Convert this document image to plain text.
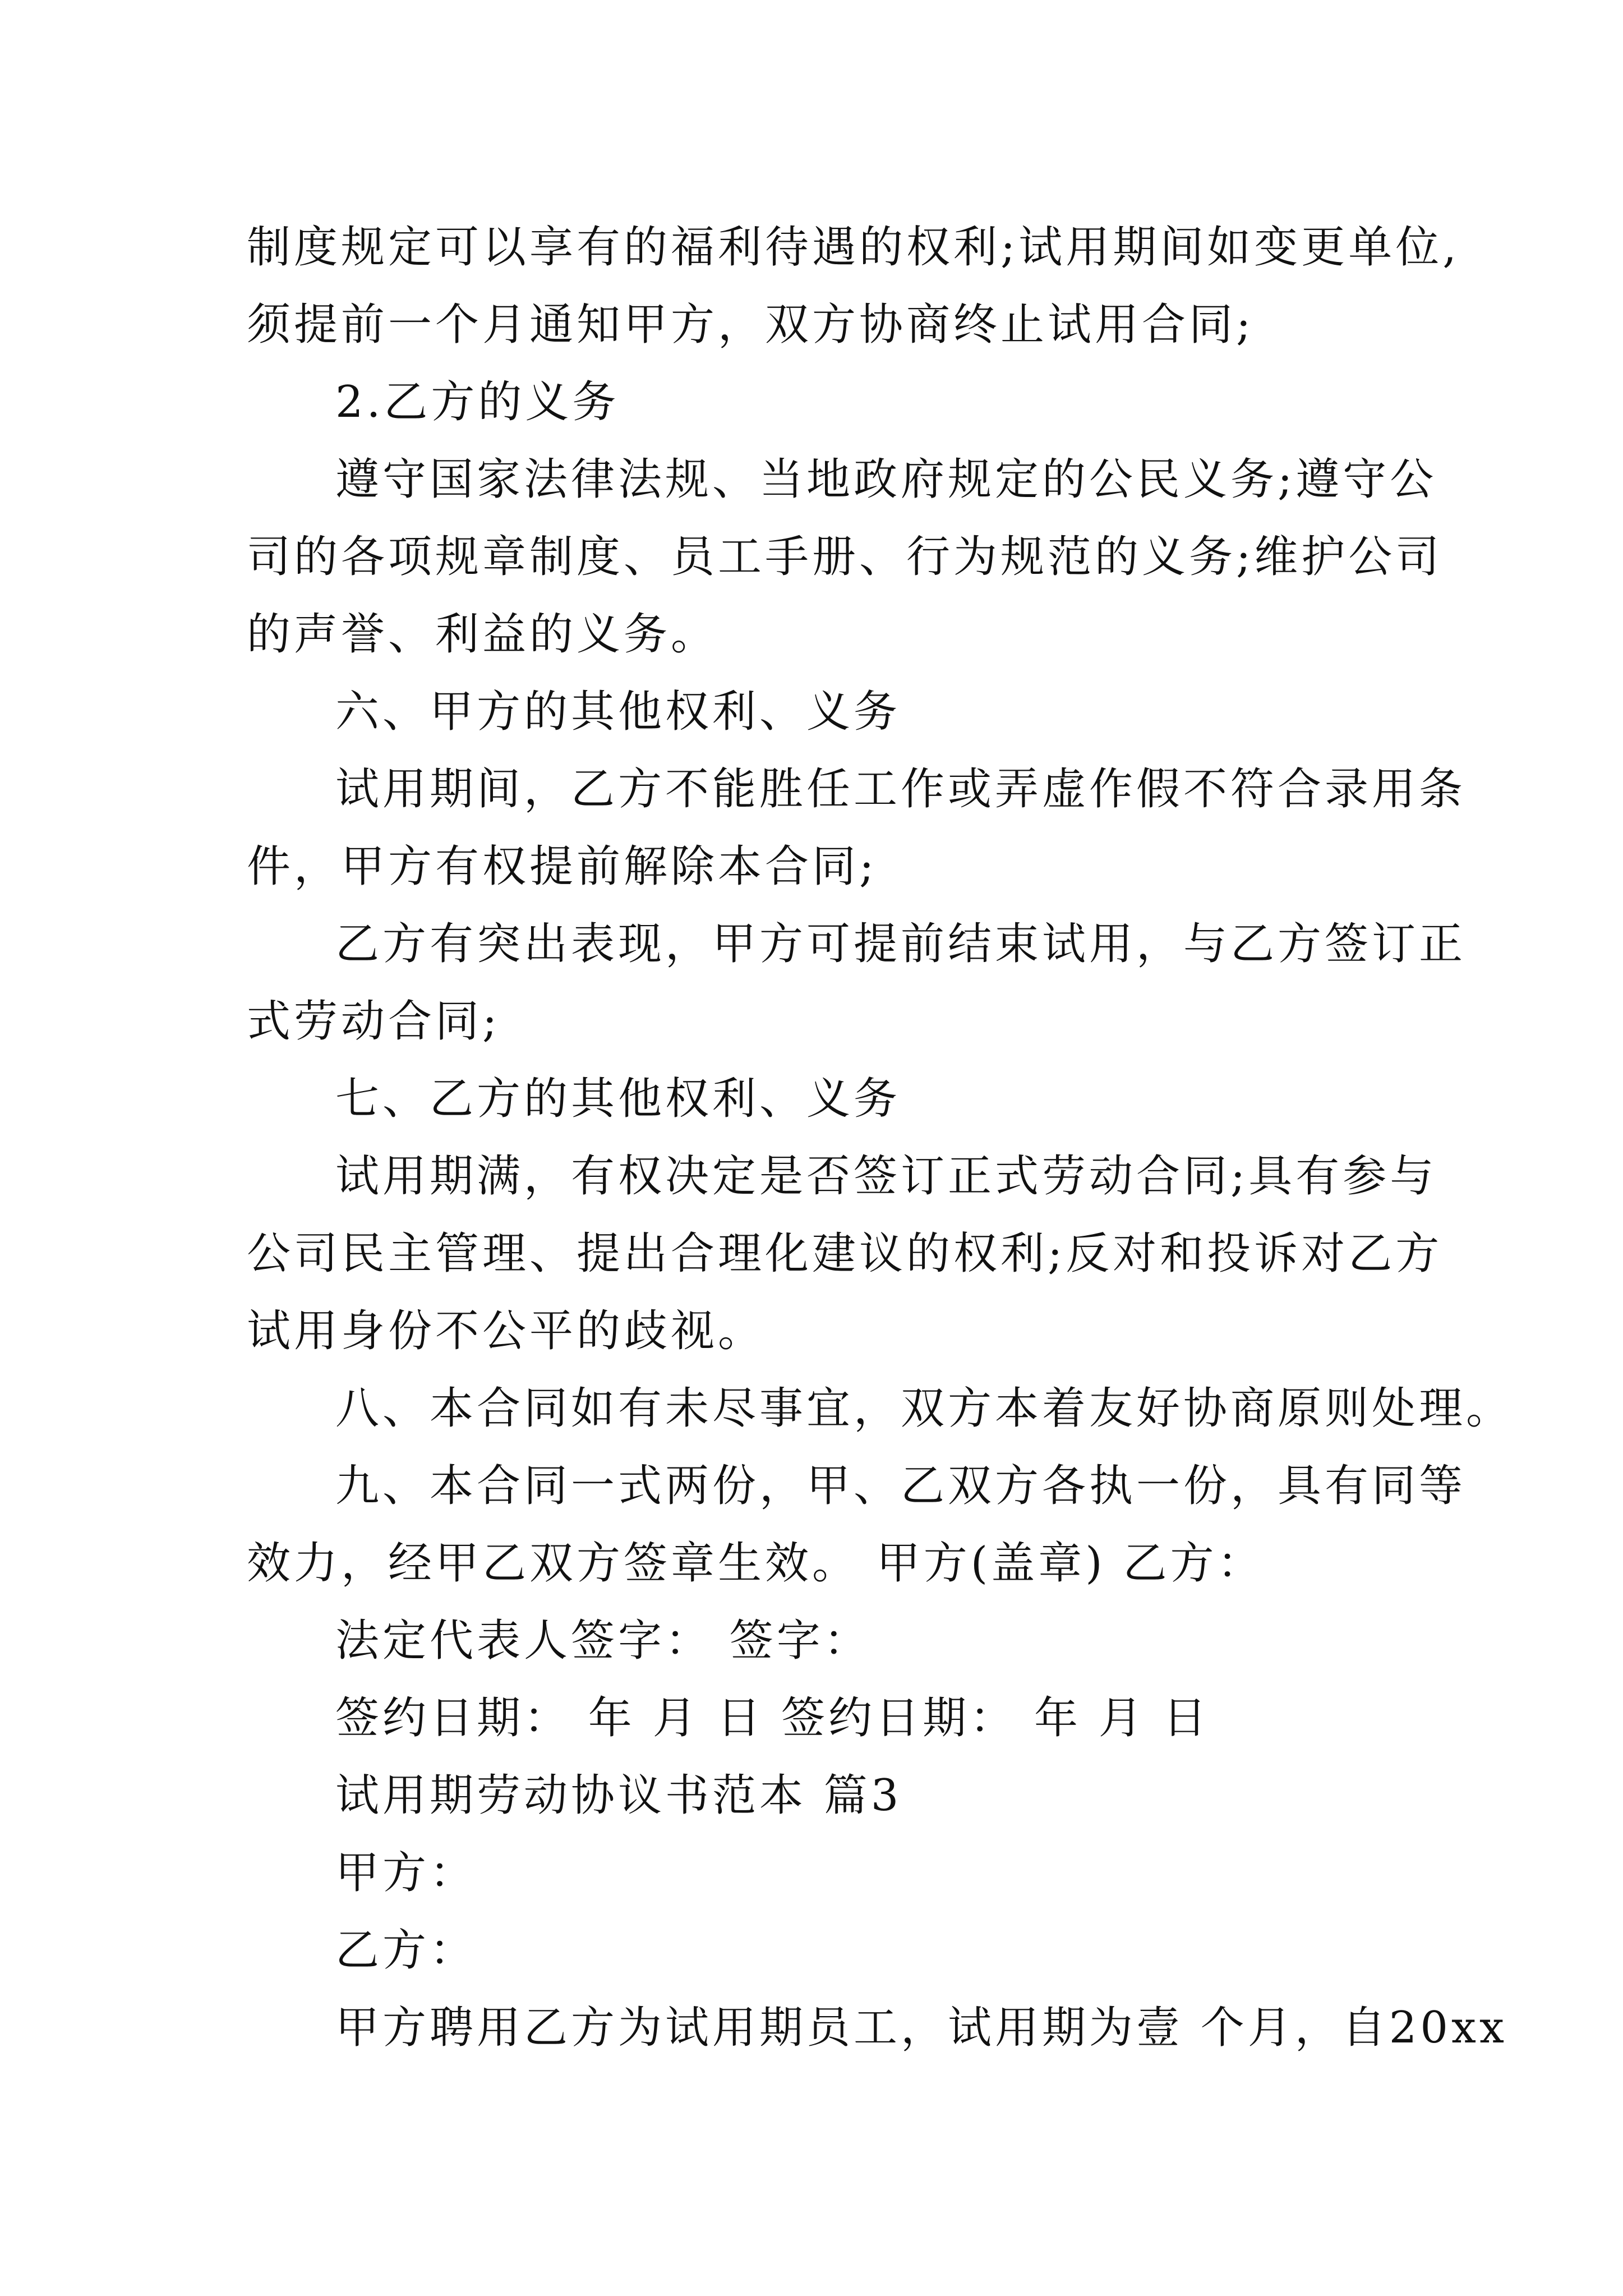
制度规定可以享有的福利待遇的权利;试用期间如变更单位,
须提前一个月通知甲方，双方协商终止试用合同;
2.乙方的义务
遵守国家法律法规、当地政府规定的公民义务;遵守公
司的各项规章制度、员工手册、行为规范的义务;维护公司
的声誉、利益的义务。
六、甲方的其他权利、义务
试用期间，乙方不能胜任工作或弄虚作假不符合录用条
件，甲方有权提前解除本合同;
乙方有突出表现，甲方可提前结束试用，与乙方签订正
式劳动合同;
七、乙方的其他权利、义务
试用期满，有权决定是否签订正式劳动合同;具有参与
公司民主管理、提出合理化建议的权利;反对和投诉对乙方
试用身份不公平的歧视。
八、本合同如有未尽事宜，双方本着友好协商原则处理。
九、本合同一式两份，甲、乙双方各执一份，具有同等
效力，经甲乙双方签章生效。 甲方(盖章) 乙方：
法定代表人签字： 签字：
签约日期： 年 月 日 签约日期： 年 月 日
试用期劳动协议书范本 篇3
甲方：
乙方：
甲方聘用乙方为试用期员工，试用期为壹 个月，自20xx
